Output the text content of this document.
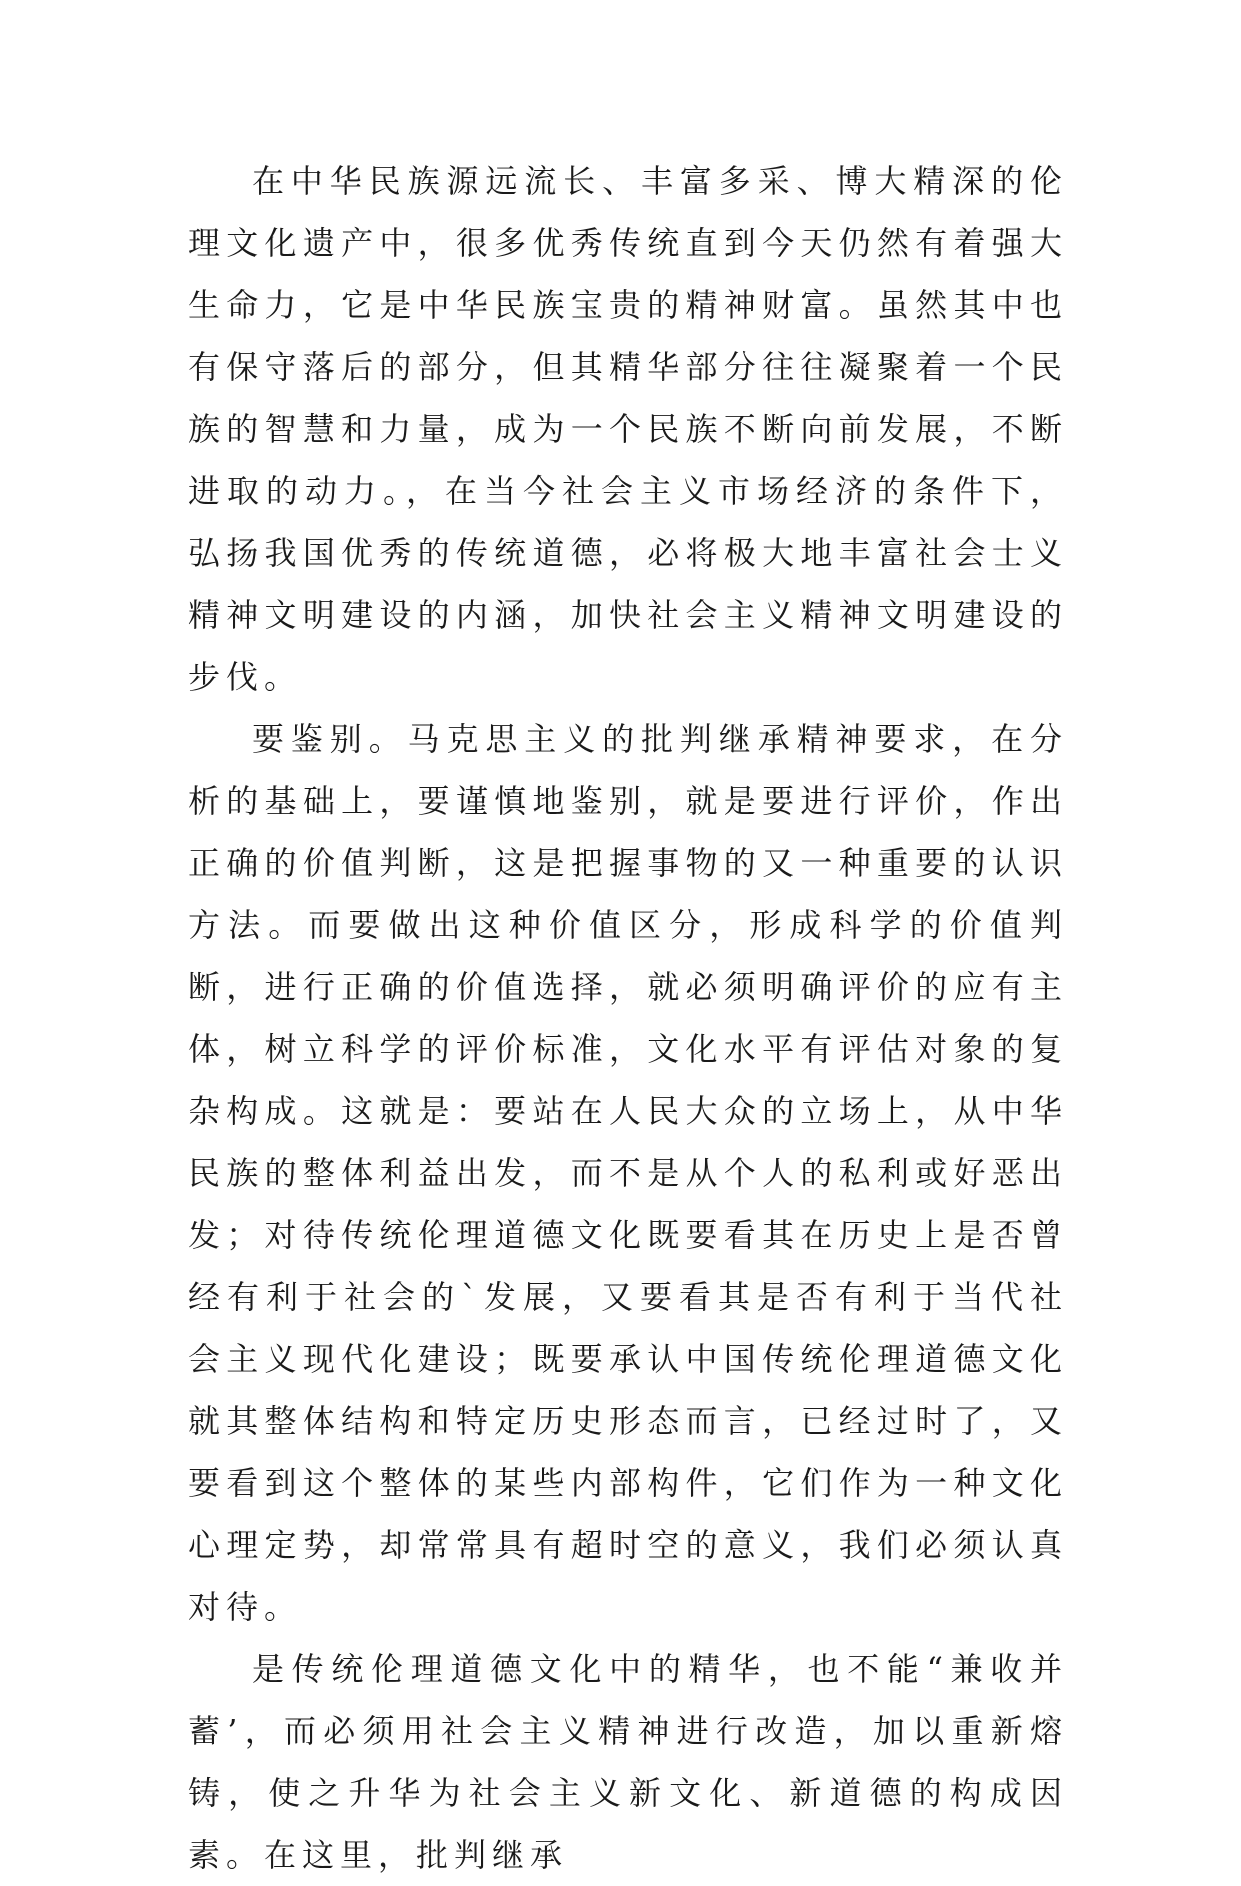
在中华民族源远流长、丰富多采、博大精深的伦理文化遗产中，很多优秀传统直到今天仍然有着强大生命力，它是中华民族宝贵的精神财富。虽然其中也有保守落后的部分，但其精华部分往往凝聚着一个民族的智慧和力量，成为一个民族不断向前发展，不断进取的动力。，在当今社会主义市场经济的条件下，弘扬我国优秀的传统道德，必将极大地丰富社会士义精神文明建设的内涵，加快社会主义精神文明建设的步伐。

要鉴别。马克思主义的批判继承精神要求，在分析的基础上，要谨慎地鉴别，就是要进行评价，作出正确的价值判断，这是把握事物的又一种重要的认识方法。而要做出这种价值区分，形成科学的价值判断，进行正确的价值选择，就必须明确评价的应有主体，树立科学的评价标准，文化水平有评估对象的复杂构成。这就是：要站在人民大众的立场上，从中华民族的整体利益出发，而不是从个人的私利或好恶出发；对待传统伦理道德文化既要看其在历史上是否曾经有利于社会的`发展，又要看其是否有利于当代社会主义现代化建设；既要承认中国传统伦理道德文化就其整体结构和特定历史形态而言，已经过时了，又要看到这个整体的某些内部构件，它们作为一种文化心理定势，却常常具有超时空的意义，我们必须认真对待。

是传统伦理道德文化中的精华，也不能“兼收并蓄’，而必须用社会主义精神进行改造，加以重新熔铸，使之升华为社会主义新文化、新道德的构成因素。在这里，批判继承
